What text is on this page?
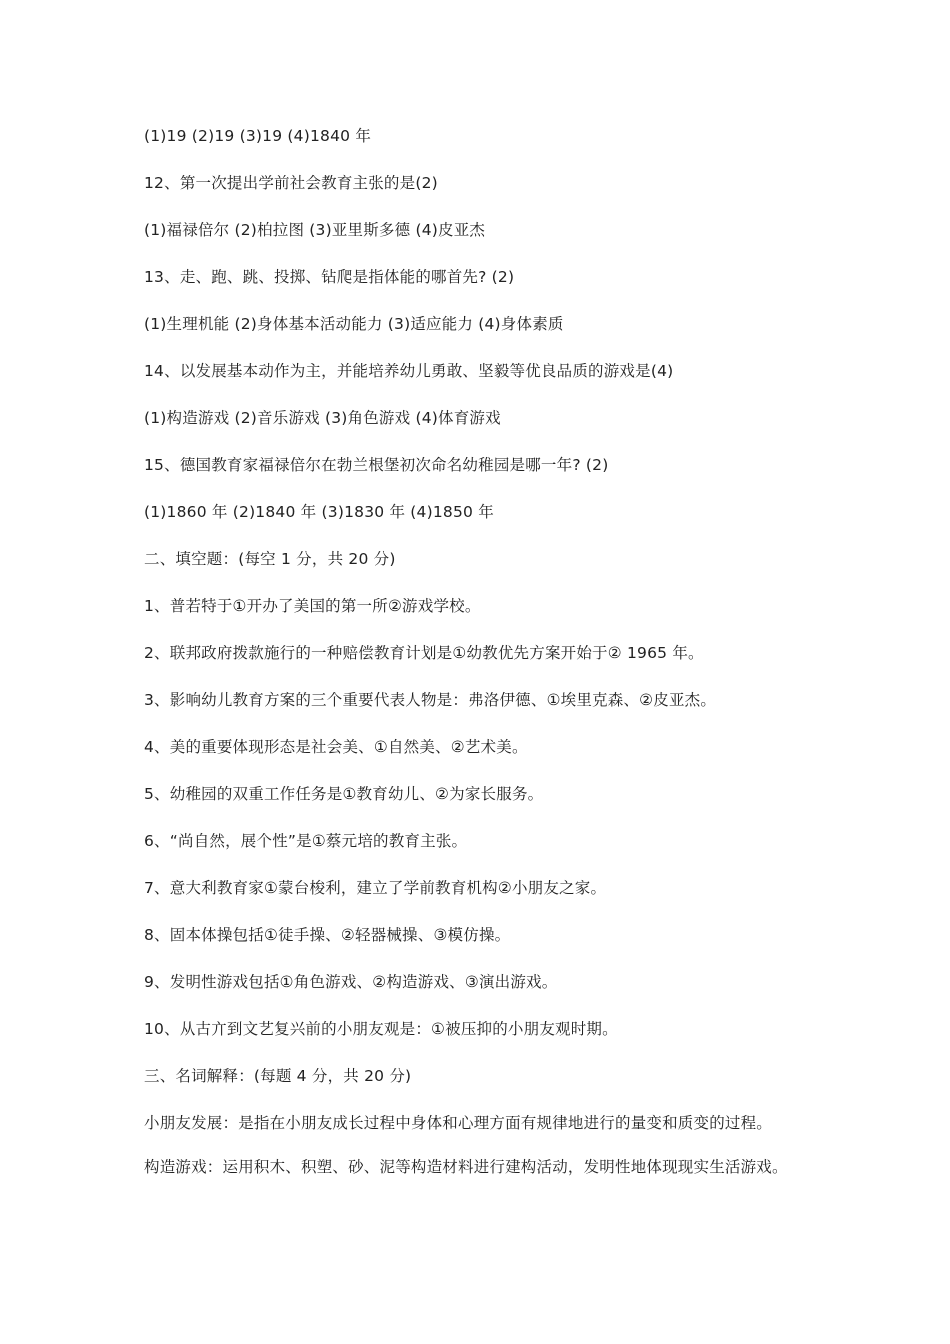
(1)19 (2)19 (3)19 (4)1840 年
12、第一次提出学前社会教育主张的是(2)
(1)福禄倍尔 (2)柏拉图 (3)亚里斯多德 (4)皮亚杰
13、走、跑、跳、投掷、钻爬是指体能的哪首先? (2)
(1)生理机能 (2)身体基本活动能力 (3)适应能力 (4)身体素质
14、以发展基本动作为主，并能培养幼儿勇敢、坚毅等优良品质的游戏是(4)
(1)构造游戏 (2)音乐游戏 (3)角色游戏 (4)体育游戏
15、德国教育家福禄倍尔在勃兰根堡初次命名幼稚园是哪一年? (2)
(1)1860 年 (2)1840 年 (3)1830 年 (4)1850 年
二、填空题：(每空 1 分，共 20 分)
1、普若特于①开办了美国的第一所②游戏学校。
2、联邦政府拨款施行的一种赔偿教育计划是①幼教优先方案开始于② 1965 年。
3、影响幼儿教育方案的三个重要代表人物是：弗洛伊德、①埃里克森、②皮亚杰。
4、美的重要体现形态是社会美、①自然美、②艺术美。
5、幼稚园的双重工作任务是①教育幼儿、②为家长服务。
6、“尚自然，展个性”是①蔡元培的教育主张。
7、意大利教育家①蒙台梭利，建立了学前教育机构②小朋友之家。
8、固本体操包括①徒手操、②轻器械操、③模仿操。
9、发明性游戏包括①角色游戏、②构造游戏、③演出游戏。
10、从古亣到文艺复兴前的小朋友观是：①被压抑的小朋友观时期。
三、名词解释：(每题 4 分，共 20 分)
小朋友发展：是指在小朋友成长过程中身体和心理方面有规律地进行的量变和质变的过程。
构造游戏：运用积木、积塑、砂、泥等构造材料进行建构活动，发明性地体现现实生活游戏。
